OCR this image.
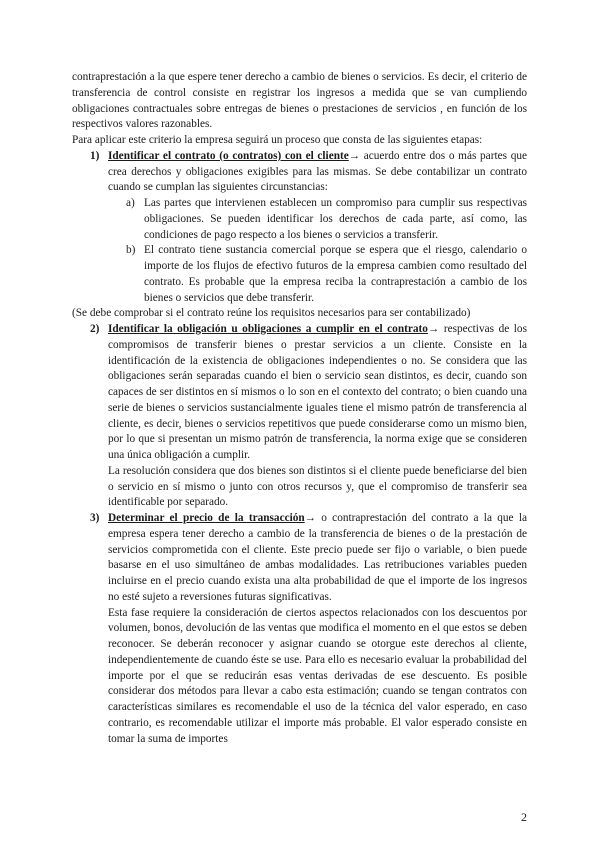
contraprestación a la que espere tener derecho a cambio de bienes o servicios. Es decir, el criterio de transferencia de control consiste en registrar los ingresos a medida que se van cumpliendo obligaciones contractuales sobre entregas de bienes o prestaciones de servicios , en función de los respectivos valores razonables.

Para aplicar este criterio la empresa seguirá un proceso que consta de las siguientes etapas:

1) Identificar el contrato (o contratos) con el cliente→ acuerdo entre dos o más partes que crea derechos y obligaciones exigibles para las mismas. Se debe contabilizar un contrato cuando se cumplan las siguientes circunstancias:

a) Las partes que intervienen establecen un compromiso para cumplir sus respectivas obligaciones. Se pueden identificar los derechos de cada parte, así como, las condiciones de pago respecto a los bienes o servicios a transferir.

b) El contrato tiene sustancia comercial porque se espera que el riesgo, calendario o importe de los flujos de efectivo futuros de la empresa cambien como resultado del contrato. Es probable que la empresa reciba la contraprestación a cambio de los bienes o servicios que debe transferir.

(Se debe comprobar si el contrato reúne los requisitos necesarios para ser contabilizado)

2) Identificar la obligación u obligaciones a cumplir en el contrato→ respectivas de los compromisos de transferir bienes o prestar servicios a un cliente. Consiste en la identificación de la existencia de obligaciones independientes o no. Se considera que las obligaciones serán separadas cuando el bien o servicio sean distintos, es decir, cuando son capaces de ser distintos en sí mismos o lo son en el contexto del contrato; o bien cuando una serie de bienes o servicios sustancialmente iguales tiene el mismo patrón de transferencia al cliente, es decir, bienes o servicios repetitivos que puede considerarse como un mismo bien, por lo que si presentan un mismo patrón de transferencia, la norma exige que se consideren una única obligación a cumplir.

La resolución considera que dos bienes son distintos si el cliente puede beneficiarse del bien o servicio en sí mismo o junto con otros recursos y, que el compromiso de transferir sea identificable por separado.

3) Determinar el precio de la transacción→ o contraprestación del contrato a la que la empresa espera tener derecho a cambio de la transferencia de bienes o de la prestación de servicios comprometida con el cliente. Este precio puede ser fijo o variable, o bien puede basarse en el uso simultáneo de ambas modalidades. Las retribuciones variables pueden incluirse en el precio cuando exista una alta probabilidad de que el importe de los ingresos no esté sujeto a reversiones futuras significativas.

Esta fase requiere la consideración de ciertos aspectos relacionados con los descuentos por volumen, bonos, devolución de las ventas que modifica el momento en el que estos se deben reconocer. Se deberán reconocer y asignar cuando se otorgue este derechos al cliente, independientemente de cuando éste se use. Para ello es necesario evaluar la probabilidad del importe por el que se reducirán esas ventas derivadas de ese descuento. Es posible considerar dos métodos para llevar a cabo esta estimación; cuando se tengan contratos con características similares es recomendable el uso de la técnica del valor esperado, en caso contrario, es recomendable utilizar el importe más probable. El valor esperado consiste en tomar la suma de importes

2
